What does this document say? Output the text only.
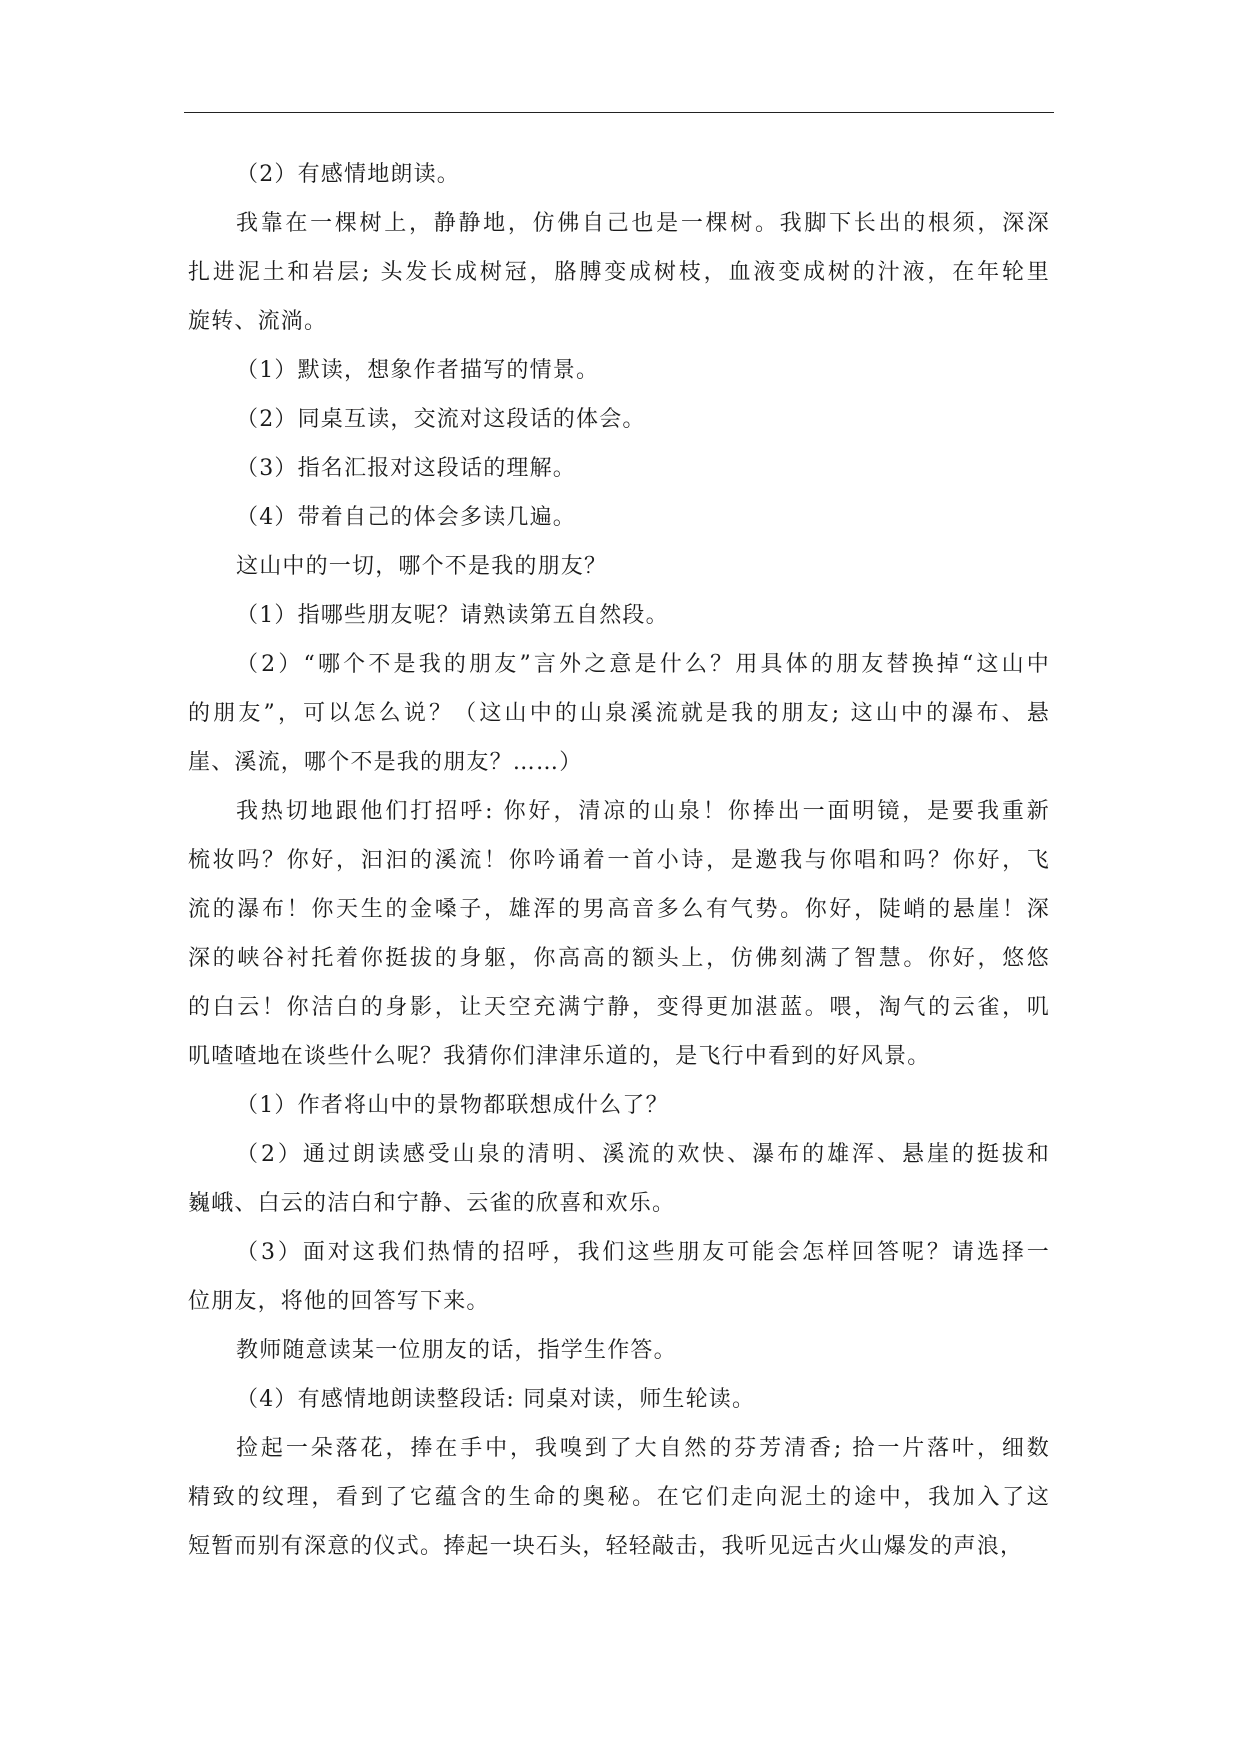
（2）有感情地朗读。

我靠在一棵树上，静静地，仿佛自己也是一棵树。我脚下长出的根须，深深
扎进泥土和岩层; 头发长成树冠，胳膊变成树枝，血液变成树的汁液，在年轮里
旋转、流淌。

（1）默读，想象作者描写的情景。

（2）同桌互读，交流对这段话的体会。

（3）指名汇报对这段话的理解。

（4）带着自己的体会多读几遍。

这山中的一切，哪个不是我的朋友？

（1）指哪些朋友呢？请熟读第五自然段。

（2）“哪个不是我的朋友”言外之意是什么？用具体的朋友替换掉“这山中
的朋友”，可以怎么说？（这山中的山泉溪流就是我的朋友; 这山中的瀑布、悬
崖、溪流，哪个不是我的朋友？……）

我热切地跟他们打招呼: 你好，清凉的山泉！你捧出一面明镜，是要我重新
梳妆吗？你好，汩汩的溪流！你吟诵着一首小诗，是邀我与你唱和吗？你好，飞
流的瀑布！你天生的金嗓子，雄浑的男高音多么有气势。你好，陡峭的悬崖！深
深的峡谷衬托着你挺拔的身躯，你高高的额头上，仿佛刻满了智慧。你好，悠悠
的白云！你洁白的身影，让天空充满宁静，变得更加湛蓝。喂，淘气的云雀，叽
叽喳喳地在谈些什么呢？我猜你们津津乐道的，是飞行中看到的好风景。

（1）作者将山中的景物都联想成什么了？

（2）通过朗读感受山泉的清明、溪流的欢快、瀑布的雄浑、悬崖的挺拔和
巍峨、白云的洁白和宁静、云雀的欣喜和欢乐。

（3）面对这我们热情的招呼，我们这些朋友可能会怎样回答呢？请选择一
位朋友，将他的回答写下来。

教师随意读某一位朋友的话，指学生作答。

（4）有感情地朗读整段话: 同桌对读，师生轮读。

捡起一朵落花，捧在手中，我嗅到了大自然的芬芳清香; 拾一片落叶，细数
精致的纹理，看到了它蕴含的生命的奥秘。在它们走向泥土的途中，我加入了这
短暂而别有深意的仪式。捧起一块石头，轻轻敲击，我听见远古火山爆发的声浪，
